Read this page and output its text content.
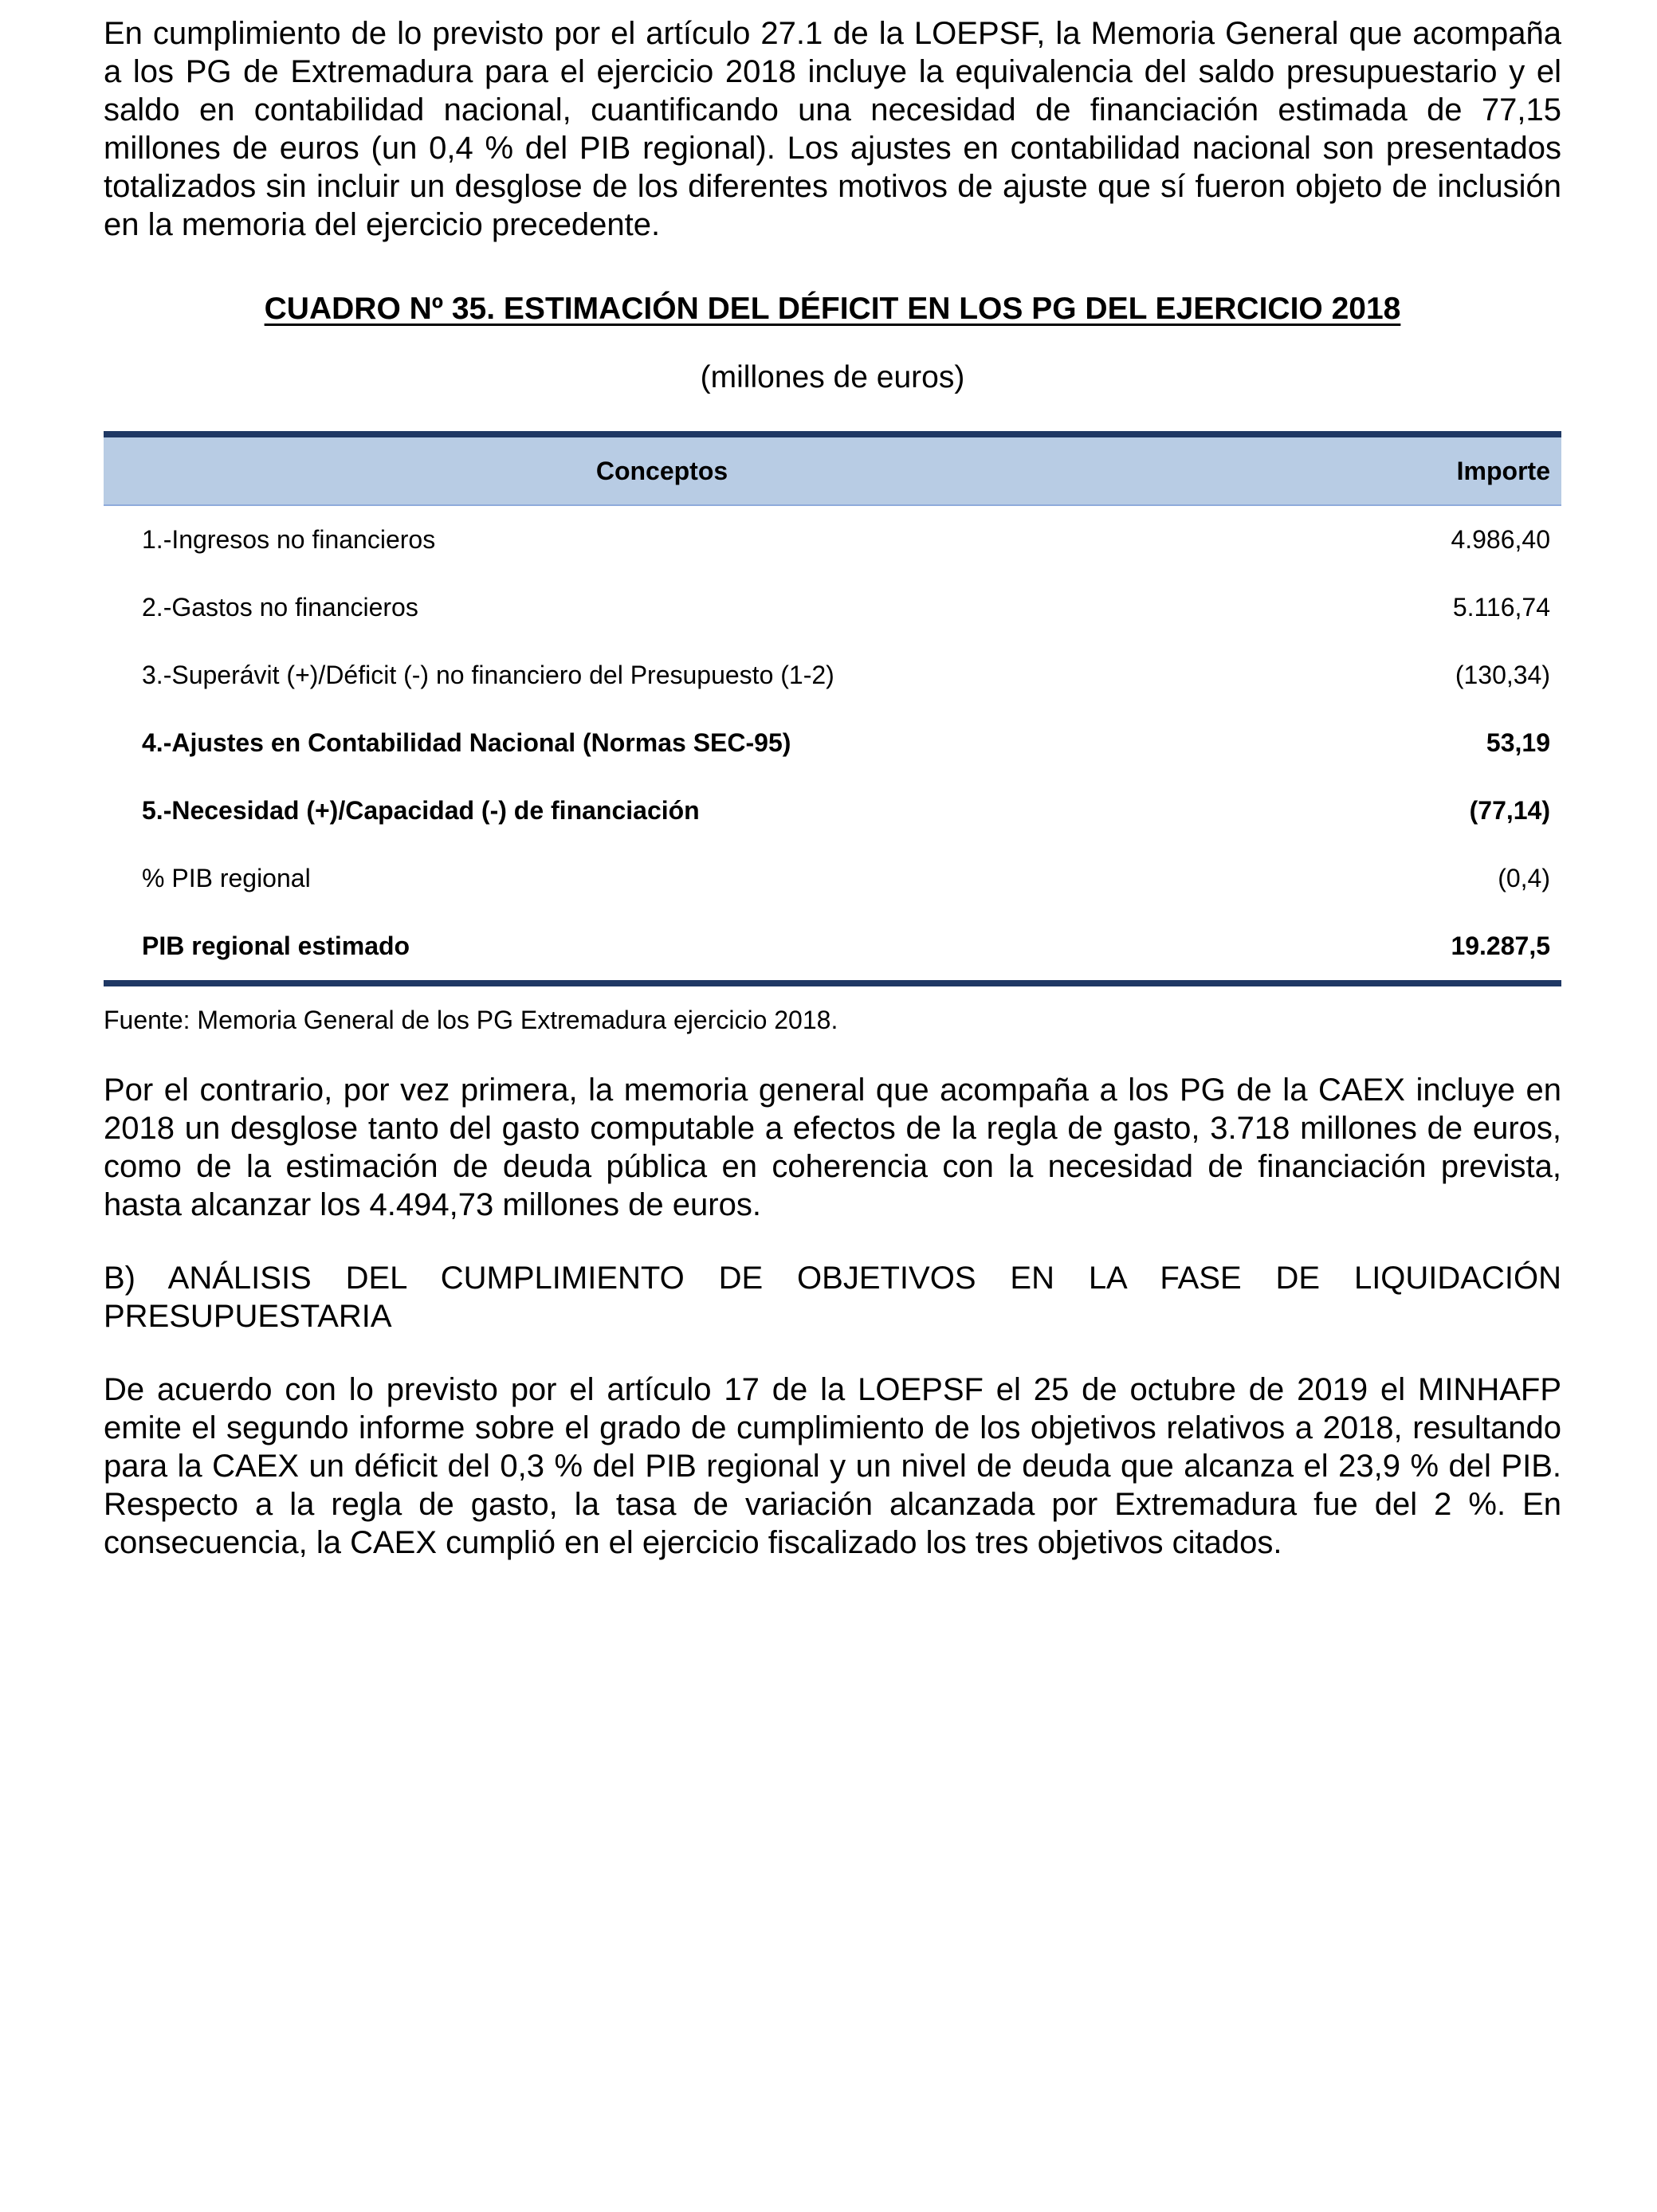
En cumplimiento de lo previsto por el artículo 27.1 de la LOEPSF, la Memoria General que acompaña a los PG de Extremadura para el ejercicio 2018 incluye la equivalencia del saldo presupuestario y el saldo en contabilidad nacional, cuantificando una necesidad de financiación estimada de 77,15 millones de euros (un 0,4 % del PIB regional). Los ajustes en contabilidad nacional son presentados totalizados sin incluir un desglose de los diferentes motivos de ajuste que sí fueron objeto de inclusión en la memoria del ejercicio precedente.

CUADRO Nº 35. ESTIMACIÓN DEL DÉFICIT EN LOS PG DEL EJERCICIO 2018
(millones de euros)
Conceptos	Importe
1.-Ingresos no financieros	4.986,40
2.-Gastos no financieros	5.116,74
3.-Superávit (+)/Déficit (-) no financiero del Presupuesto (1-2)	(130,34)
4.-Ajustes en Contabilidad Nacional (Normas SEC-95)	53,19
5.-Necesidad (+)/Capacidad (-) de financiación	(77,14)
% PIB regional	(0,4)
PIB regional estimado	19.287,5
Fuente: Memoria General de los PG Extremadura ejercicio 2018.

Por el contrario, por vez primera, la memoria general que acompaña a los PG de la CAEX incluye en 2018 un desglose tanto del gasto computable a efectos de la regla de gasto, 3.718 millones de euros, como de la estimación de deuda pública en coherencia con la necesidad de financiación prevista, hasta alcanzar los 4.494,73 millones de euros.

B) ANÁLISIS DEL CUMPLIMIENTO DE OBJETIVOS EN LA FASE DE LIQUIDACIÓN
PRESUPUESTARIA

De acuerdo con lo previsto por el artículo 17 de la LOEPSF el 25 de octubre de 2019 el MINHAFP emite el segundo informe sobre el grado de cumplimiento de los objetivos relativos a 2018, resultando para la CAEX un déficit del 0,3 % del PIB regional y un nivel de deuda que alcanza el 23,9 % del PIB. Respecto a la regla de gasto, la tasa de variación alcanzada por Extremadura fue del 2 %. En consecuencia, la CAEX cumplió en el ejercicio fiscalizado los tres objetivos citados.
